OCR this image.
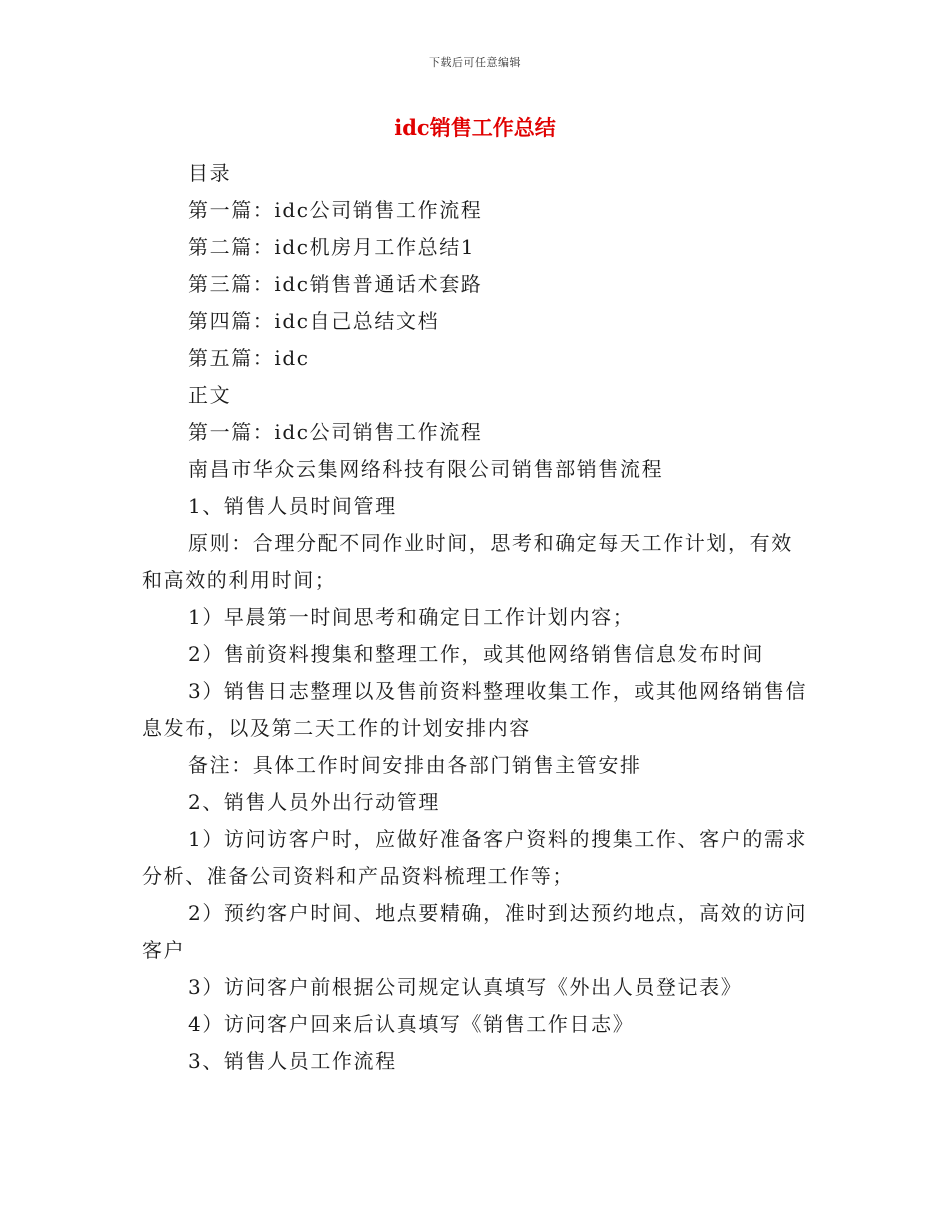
下载后可任意编辑
idc销售工作总结

目录

第一篇：idc公司销售工作流程

第二篇：idc机房月工作总结1

第三篇：idc销售普通话术套路

第四篇：idc自己总结文档

第五篇：idc

正文

第一篇：idc公司销售工作流程

南昌市华众云集网络科技有限公司销售部销售流程

1、销售人员时间管理

原则：合理分配不同作业时间，思考和确定每天工作计划，有效和高效的利用时间；

1）早晨第一时间思考和确定日工作计划内容；

2）售前资料搜集和整理工作，或其他网络销售信息发布时间

3）销售日志整理以及售前资料整理收集工作，或其他网络销售信息发布，以及第二天工作的计划安排内容

备注：具体工作时间安排由各部门销售主管安排

2、销售人员外出行动管理

1）访问访客户时，应做好准备客户资料的搜集工作、客户的需求分析、准备公司资料和产品资料梳理工作等；

2）预约客户时间、地点要精确，准时到达预约地点，高效的访问客户

3）访问客户前根据公司规定认真填写《外出人员登记表》

4）访问客户回来后认真填写《销售工作日志》

3、销售人员工作流程
